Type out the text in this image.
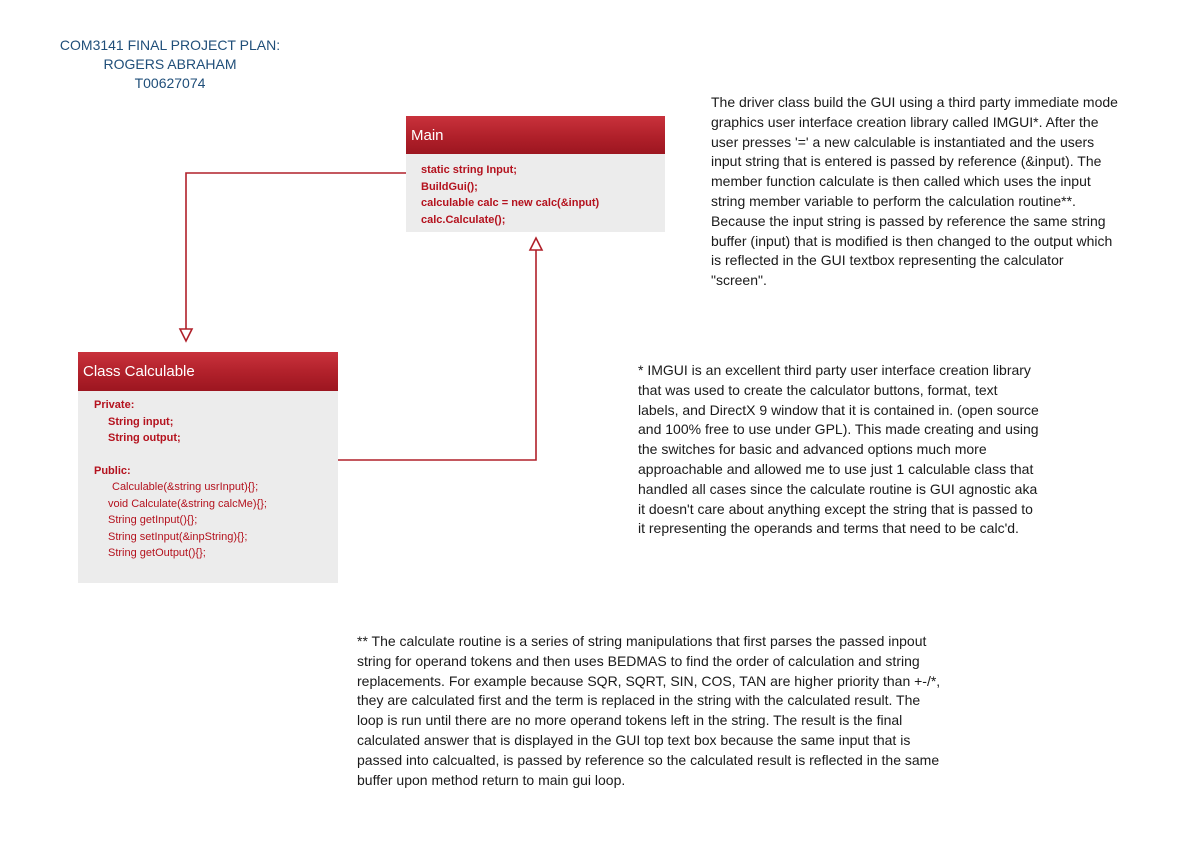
COM3141 FINAL PROJECT PLAN:
ROGERS ABRAHAM
T00627074
Main
static string Input;
BuildGui();
calculable calc = new calc(&input)
calc.Calculate();
Class Calculable
Private:
String input;
String output;
Public:
Calculable(&string usrInput){};
void Calculate(&string calcMe){};
String getInput(){};
String setInput(&inpString){};
String getOutput(){};
The driver class build the GUI using a third party immediate mode
graphics user interface creation library called IMGUI*. After the
user presses '=' a new calculable is instantiated and the users
input string that is entered is passed by reference (&input). The
member function calculate is then called which uses the input
string member variable to perform the calculation routine**.
Because the input string is passed by reference the same string
buffer (input) that is modified is then changed to the output which
is reflected in the GUI textbox representing the calculator
"screen".
* IMGUI is an excellent third party user interface creation library
that was used to create the calculator buttons, format, text
labels, and DirectX 9 window that it is contained in. (open source
and 100% free to use under GPL). This made creating and using
the switches for basic and advanced options much more
approachable and allowed me to use just 1 calculable class that
handled all cases since the calculate routine is GUI agnostic aka
it doesn't care about anything except the string that is passed to
it representing the operands and terms that need to be calc'd.
** The calculate routine is a series of string manipulations that first parses the passed inpout
string for operand tokens and then uses BEDMAS to find the order of calculation and string
replacements. For example because SQR, SQRT, SIN, COS, TAN are higher priority than +-/*,
they are calculated first and the term is replaced in the string with the calculated result. The
loop is run until there are no more operand tokens left in the string. The result is the final
calculated answer that is displayed in the GUI top text box because the same input that is
passed into calcualted, is passed by reference so the calculated result is reflected in the same
buffer upon method return to main gui loop.
